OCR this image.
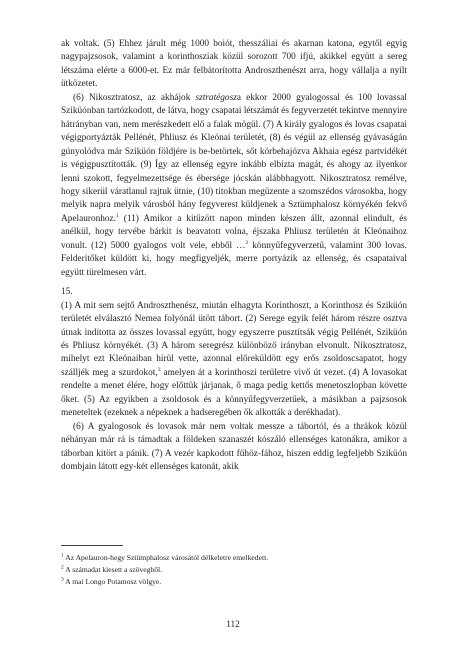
ak voltak. (5) Ehhez járult még 1000 boiót, thesszáliai és akarnan katona, egytől egyig nagypajzsosok, valamint a korinthosziak közül sorozott 700 ifjú, akikkel együtt a sereg létszáma elérte a 6000-et. Ez már felbátorította Androszthenészt arra, hogy vállalja a nyílt ütközetet.

(6) Nikosztratosz, az akhájok sztratégosza ekkor 2000 gyalogossal és 100 lovassal Sziküónban tartózkodott, de látva, hogy csapatai létszámát és fegyverzetét tekintve mennyire hátrányban van, nem merészkedett elő a falak mögül. (7) A király gyalogos és lovas csapatai végigportyázták Pellénét, Phliusz és Kleónai területét, (8) és végül az ellenség gyávaságán gúnyolódva már Sziküón földjére is be-betörtek, sőt körbehajózva Akhaia egész partvidékét is végigpusztították. (9) Így az ellenség egyre inkább elbízta magát, és ahogy az ilyenkor lenni szokott, fegyelmezettsége és ébersége jócskán alábbhagyott. Nikosztratosz remélve, hogy sikerül váratlanul rajtuk ütnie, (10) titokban megüzente a szomszédos városokba, hogy melyik napra melyik városból hány fegyverest küldjenek a Sztümphalosz környékén fekvő Apelauronhoz.$^1$ (11) Amikor a kitűzött napon minden készen állt, azonnal elindult, és anélkül, hogy tervébe bárkit is beavatott volna, éjszaka Phliusz területén át Kleónaihoz vonult. (12) 5000 gyalogos volt vele, ebből …$^2$ könnyűfegyverzetű, valamint 300 lovas. Felderítőket küldött ki, hogy megfigyeljék, merre portyázik az ellenség, és csapataival együtt türelmesen várt.

15.

(1) A mit sem sejtő Androszthenész, miután elhagyta Korinthoszt, a Korinthosz és Sziküón területét elválasztó Nemea folyónál ütött tábort. (2) Serege egyik felét három részre osztva útnak indította az összes lovassal együtt, hogy egyszerre pusztítsák végig Pellénét, Sziküón és Phliusz környékét. (3) A három seregrész különböző irányban elvonult. Nikosztratosz, mihelyt ezt Kleónaiban hírül vette, azonnal előreküldött egy erős zsoldoscsapatot, hogy szálljék meg a szurdokot,$^3$ amelyen át a korinthoszi területre vivő út vezet. (4) A lovasokat rendelte a menet élére, hogy előttük járjanak, ő maga pedig kettős menetoszlopban követte őket. (5) Az egyikben a zsoldosok és a könnyűfegyverzetűek, a másikban a pajzsosok meneteltek (ezeknek a népeknek a hadseregében ők alkották a derékhadat).

(6) A gyalogosok és lovasok már nem voltak messze a tábortól, és a thrákok közül néhányan már rá is támadtak a földeken szanaszét kószáló ellenséges katonákra, amikor a táborban kitört a pánik. (7) A vezér kapkodott fűhöz-fához, hiszen eddig legfeljebb Sziküón dombjain látott egy-két ellenséges katonát, akik

$^1$ Az Apelauron-hegy Sztümphalosz városától délkeletre emelkedett.

$^2$ A számadat kiesett a szövegből.

$^3$ A mai Longo Potamosz völgye.

112
